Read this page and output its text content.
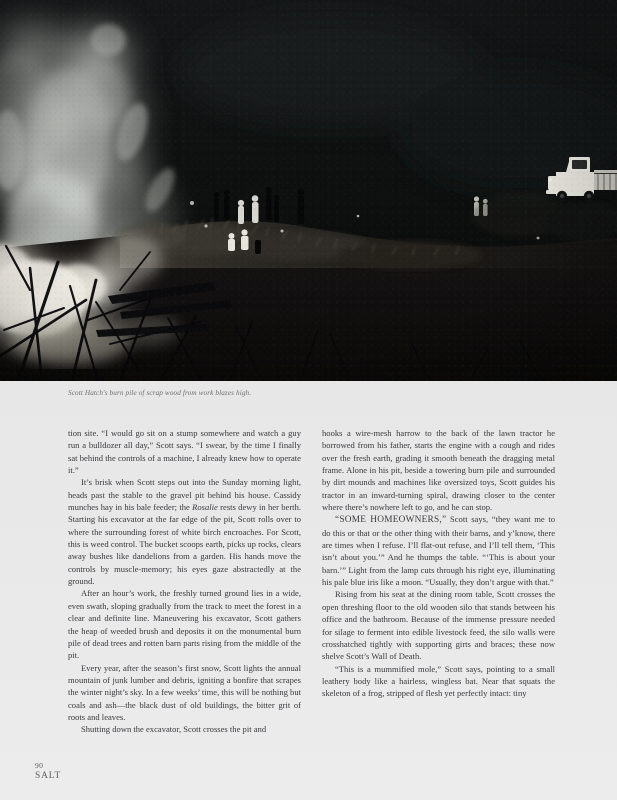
Scott Hatch's burn pile of scrap wood from work blazes high.

tion site. “I would go sit on a stump somewhere and watch a guy run a bulldozer all day,” Scott says. “I swear, by the time I finally sat behind the controls of a machine, I already knew how to operate it.”

It’s brisk when Scott steps out into the Sunday morning light, heads past the stable to the gravel pit behind his house. Cassidy munches hay in his bale feeder; the Rosalie rests dewy in her berth. Starting his excavator at the far edge of the pit, Scott rolls over to where the surrounding forest of white birch encroaches. For Scott, this is weed control. The bucket scoops earth, picks up rocks, clears away bushes like dandelions from a garden. His hands move the controls by muscle-memory; his eyes gaze abstractedly at the ground.

After an hour’s work, the freshly turned ground lies in a wide, even swath, sloping gradually from the track to meet the forest in a clear and definite line. Maneuvering his excavator, Scott gathers the heap of weeded brush and deposits it on the monumental burn pile of dead trees and rotten barn parts rising from the middle of the pit.

Every year, after the season’s first snow, Scott lights the annual mountain of junk lumber and debris, igniting a bonfire that scrapes the winter night’s sky. In a few weeks’ time, this will be nothing but coals and ash—the black dust of old buildings, the bitter grit of roots and leaves.

Shutting down the excavator, Scott crosses the pit and

hooks a wire-mesh harrow to the back of the lawn tractor he borrowed from his father, starts the engine with a cough and rides over the fresh earth, grading it smooth beneath the dragging metal frame. Alone in his pit, beside a towering burn pile and surrounded by dirt mounds and machines like oversized toys, Scott guides his tractor in an inward-turning spiral, drawing closer to the center where there’s nowhere left to go, and he can stop.

“SOME HOMEOWNERS,” Scott says, “they want me to do this or that or the other thing with their barns, and y’know, there are times when I refuse. I’ll flat-out refuse, and I’ll tell them, ‘This isn’t about you.’” And he thumps the table. “‘This is about your barn.’” Light from the lamp cuts through his right eye, illuminating his pale blue iris like a moon. “Usually, they don’t argue with that.”

Rising from his seat at the dining room table, Scott crosses the open threshing floor to the old wooden silo that stands between his office and the bathroom. Because of the immense pressure needed for silage to ferment into edible livestock feed, the silo walls were crosshatched tightly with supporting girts and braces; these now shelve Scott’s Wall of Death.

“This is a mummified mole,” Scott says, pointing to a small leathery body like a hairless, wingless bat. Near that squats the skeleton of a frog, stripped of flesh yet perfectly intact: tiny

90
SALT
